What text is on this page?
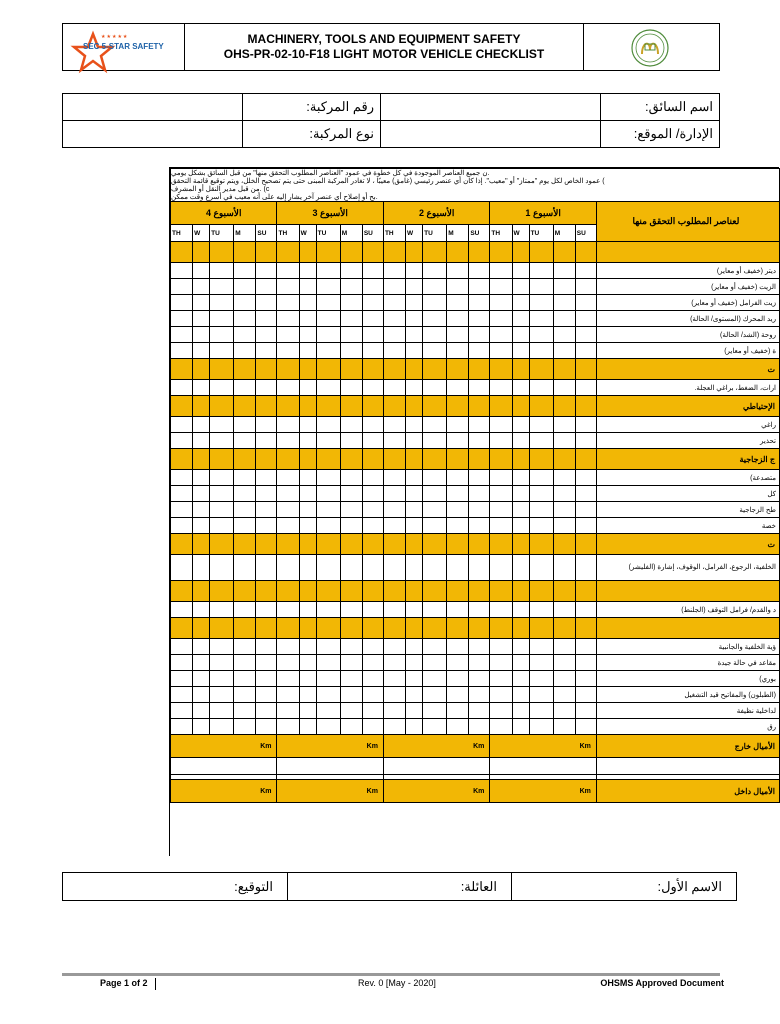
★★★★★
SEC 5-STAR SAFETY
MACHINERY, TOOLS AND EQUIPMENT SAFETY
OHS-PR-02-10-F18 LIGHT MOTOR VEHICLE CHECKLIST
	رقم المركبة:		اسم السائق:
	نوع المركبة:		الإدارة/ الموقع:
ن جميع العناصر الموجودة في كل خطوة في عمود "العناصر المطلوب التحقق منها" من قبل السائق بشكل يومي.
عمود الخاص لكل يوم "ممتاز" أو "معيب". إذا كان أي عنصر رئيسي (غامق) معيبًا ، لا تغادر المركبة المبنى حتى يتم تصحيح الخلل، ويتم توقيع قائمة التحقق (
من قبل مدير النقل أو المشرف. (c
بح أو إصلاح أي عنصر آخر يشار إليه على أنه معيب في أسرع وقت ممكن.																				

الأسبوع 4					الأسبوع 3					الأسبوع 2					الأسبوع 1					لعناصر المطلوب التحقق منها
TH	W	TU	M	SU	TH	W	TU	M	SU	TH	W	TU	M	SU	TH	W	TU	M	SU	

																				ديتر (خفيف أو معاير)
																				الزيت (خفيف أو معاير)
																				زيت الفرامل (خفيف أو معاير)
																				ريد المحرك (المستوى/ الحالة)
																				روحة (الشد/ الحالة)
																				ة (خفيف أو معاير)
																				ت
																				ارات، الضغط، براغي العجلة.
																				الإحتياطي
																				راغي
																				تحذير
																				ج الزجاجية
																				متصدعة)
																				كل
																				طح الزجاجية
																				خصة
																				ت
																				الخلفية، الرجوع، الفرامل، الوقوف، إشارة (الفليشر)

																				د والقدم/ فرامل التوقف (الجلنط)

																				ؤية الخلفية والجانبية
																				مقاعد في حالة جيدة
																				بوري)
																				(الطبلون) والمفاتيح قيد التشغيل
																				لداخلية نظيفة
																				رق
Km					Km					Km					Km					الأميال خارج

Km					Km					Km					Km					الأميال داخل
الاسم الأول:
العائلة:
التوقيع:
Page 1 of 2	Rev. 0 [May - 2020]	OHSMS Approved Document
